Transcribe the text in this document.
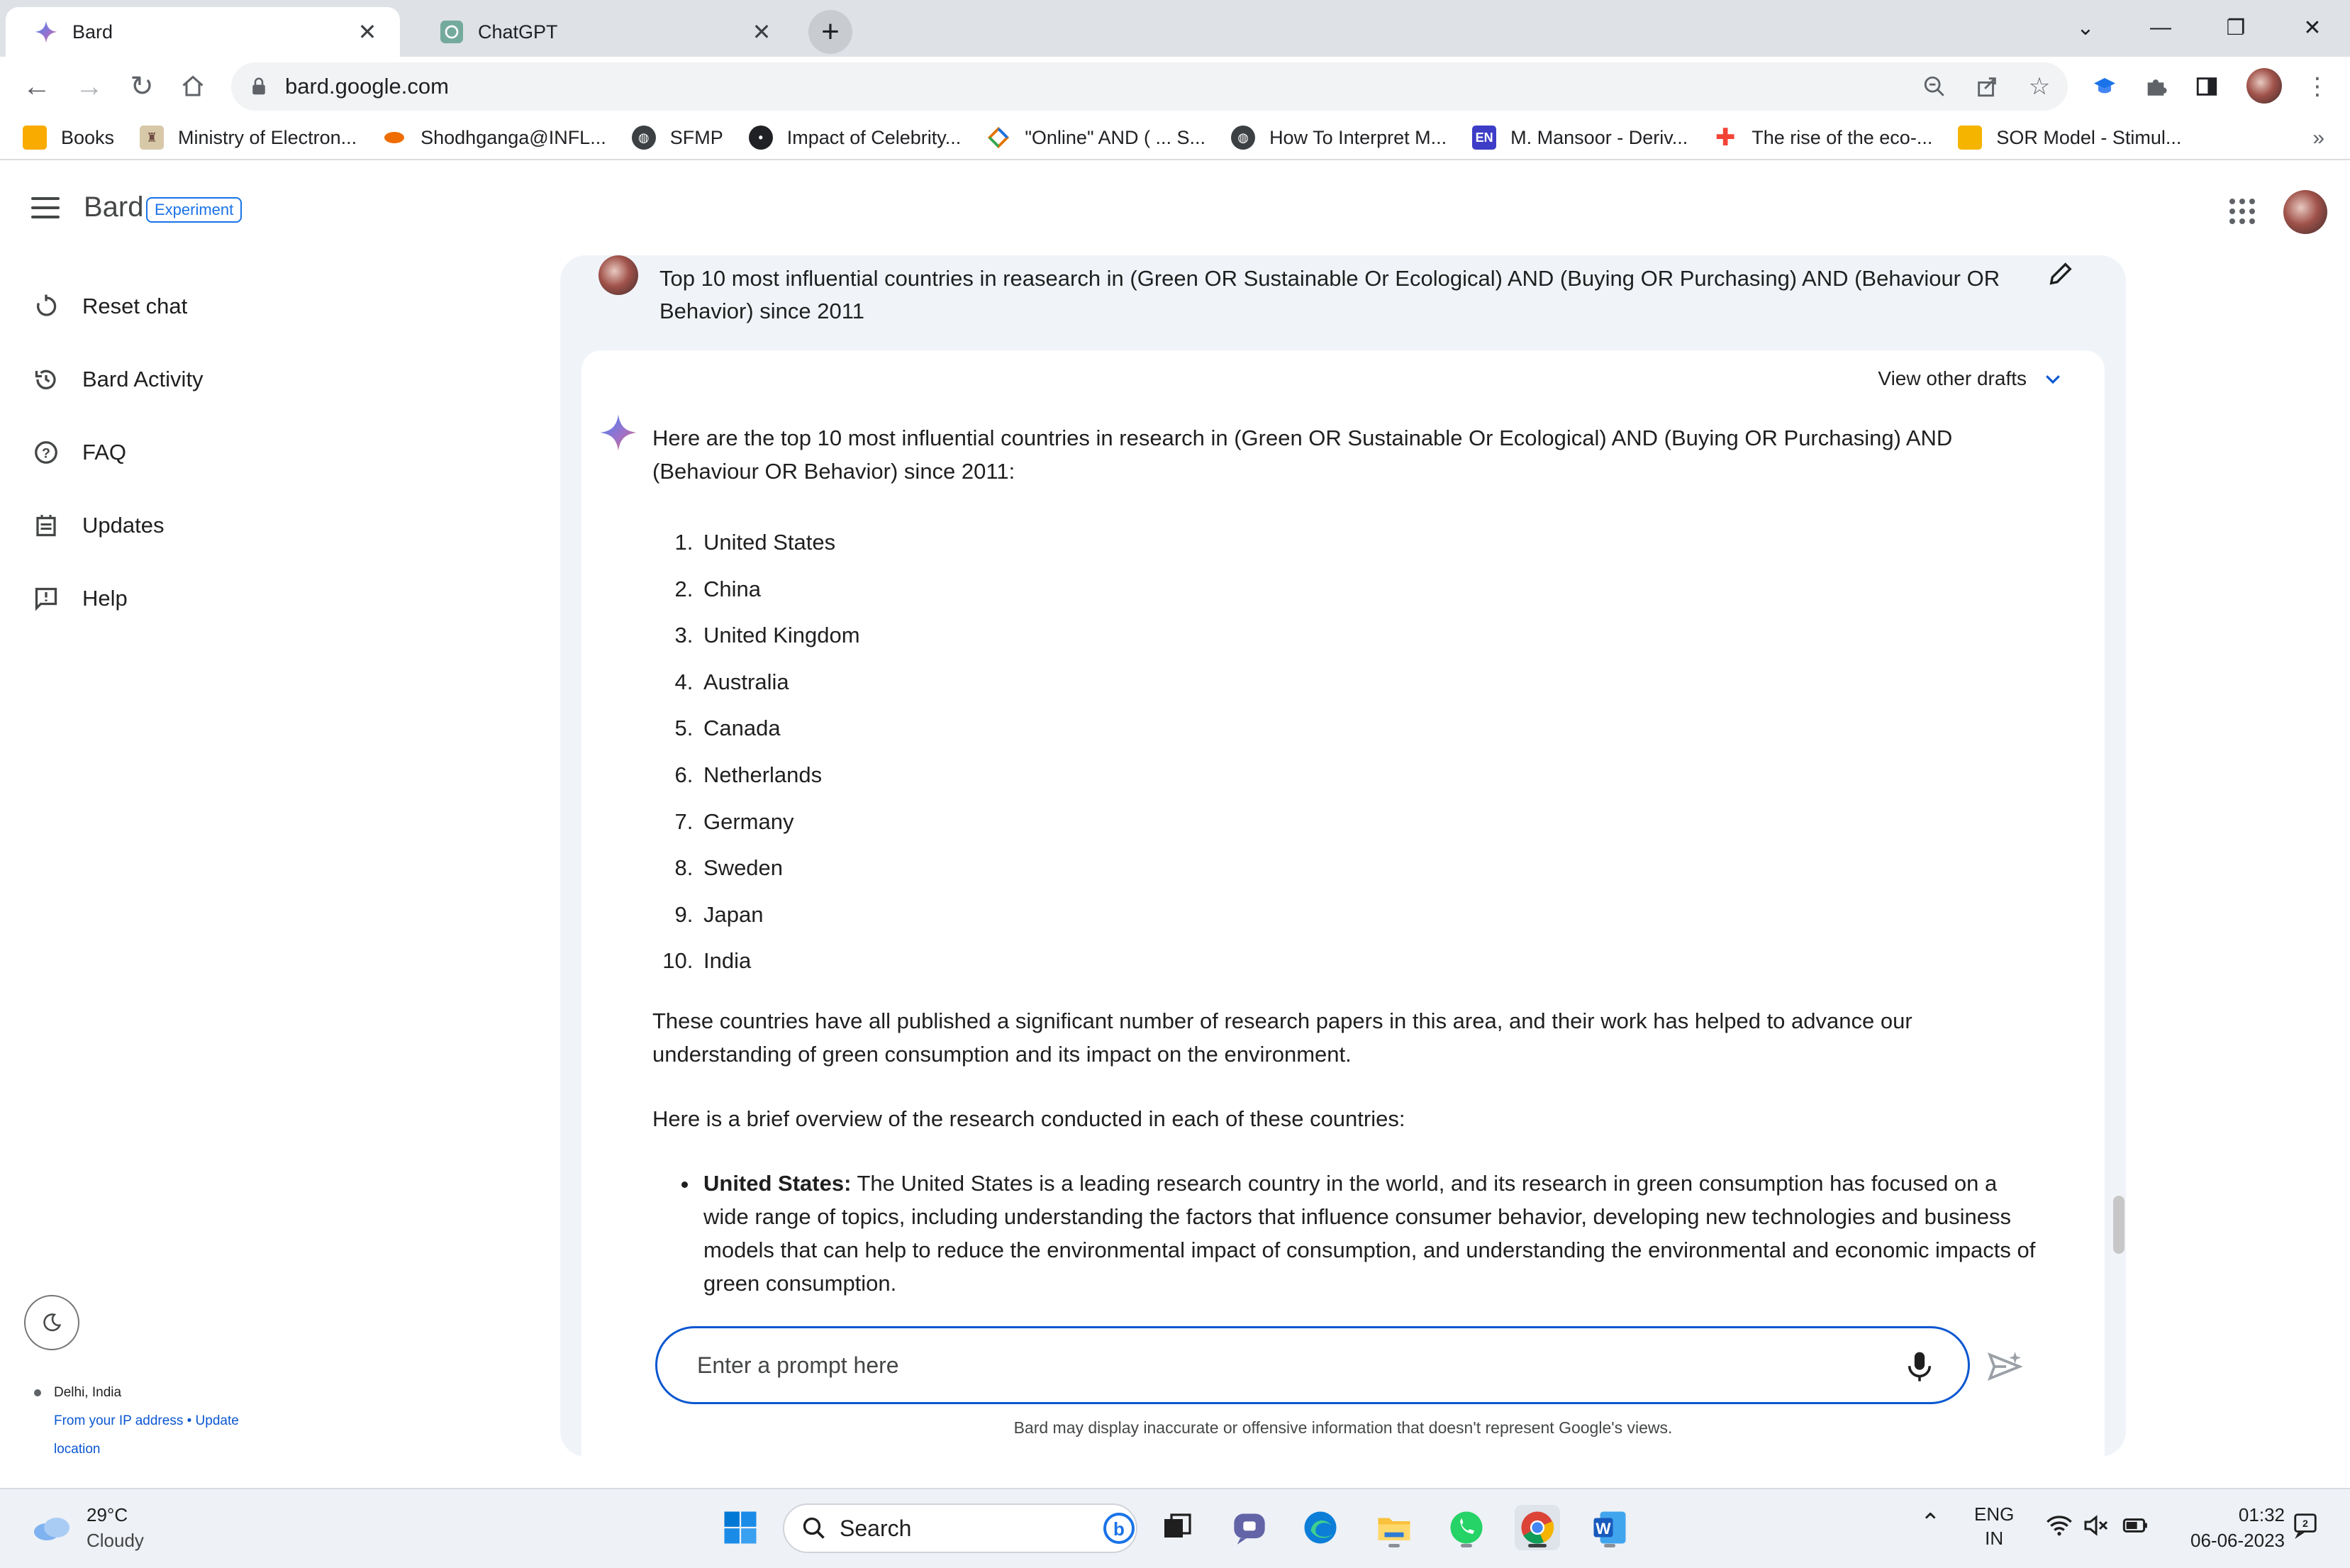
Bard	✕	ChatGPT	✕	+	⌄	—	❐	✕
← → ↻	bard.google.com	☆	⋮
Books	♜	Ministry of Electron...	Shodhganga@INFL...	◍	SFMP	•	Impact of Celebrity...	"Online" AND ( ... S...	◍	How To Interpret M... EN M. Mansoor - Deriv... ✚ The rise of the eco-...	SOR Model - Stimul...	»
Bard Experiment
Reset chat
Bard Activity
? FAQ
Updates
Help
Delhi, India
From your IP address • Update
location
Top 10 most influential countries in reasearch in (Green OR Sustainable Or Ecological) AND (Buying OR Purchasing) AND (Behaviour OR Behavior) since 2011
View other drafts

Here are the top 10 most influential countries in research in (Green OR Sustainable Or Ecological) AND (Buying OR Purchasing) AND (Behaviour OR Behavior) since 2011:

1. United States
2. China
3. United Kingdom
4. Australia
5. Canada
6. Netherlands
7. Germany
8. Sweden
9. Japan
10. India

These countries have all published a significant number of research papers in this area, and their work has helped to advance our understanding of green consumption and its impact on the environment.

Here is a brief overview of the research conducted in each of these countries:

• United States: The United States is a leading research country in the world, and its research in green consumption has focused on a wide range of topics, including understanding the factors that influence consumer behavior, developing new technologies and business models that can help to reduce the environmental impact of consumption, and understanding the environmental and economic impacts of green consumption.
Enter a prompt here
Bard may display inaccurate or offensive information that doesn't represent Google's views.
29°C
Cloudy	Search	b	W	⌃ ENG
IN
01:32
06-06-2023
2
